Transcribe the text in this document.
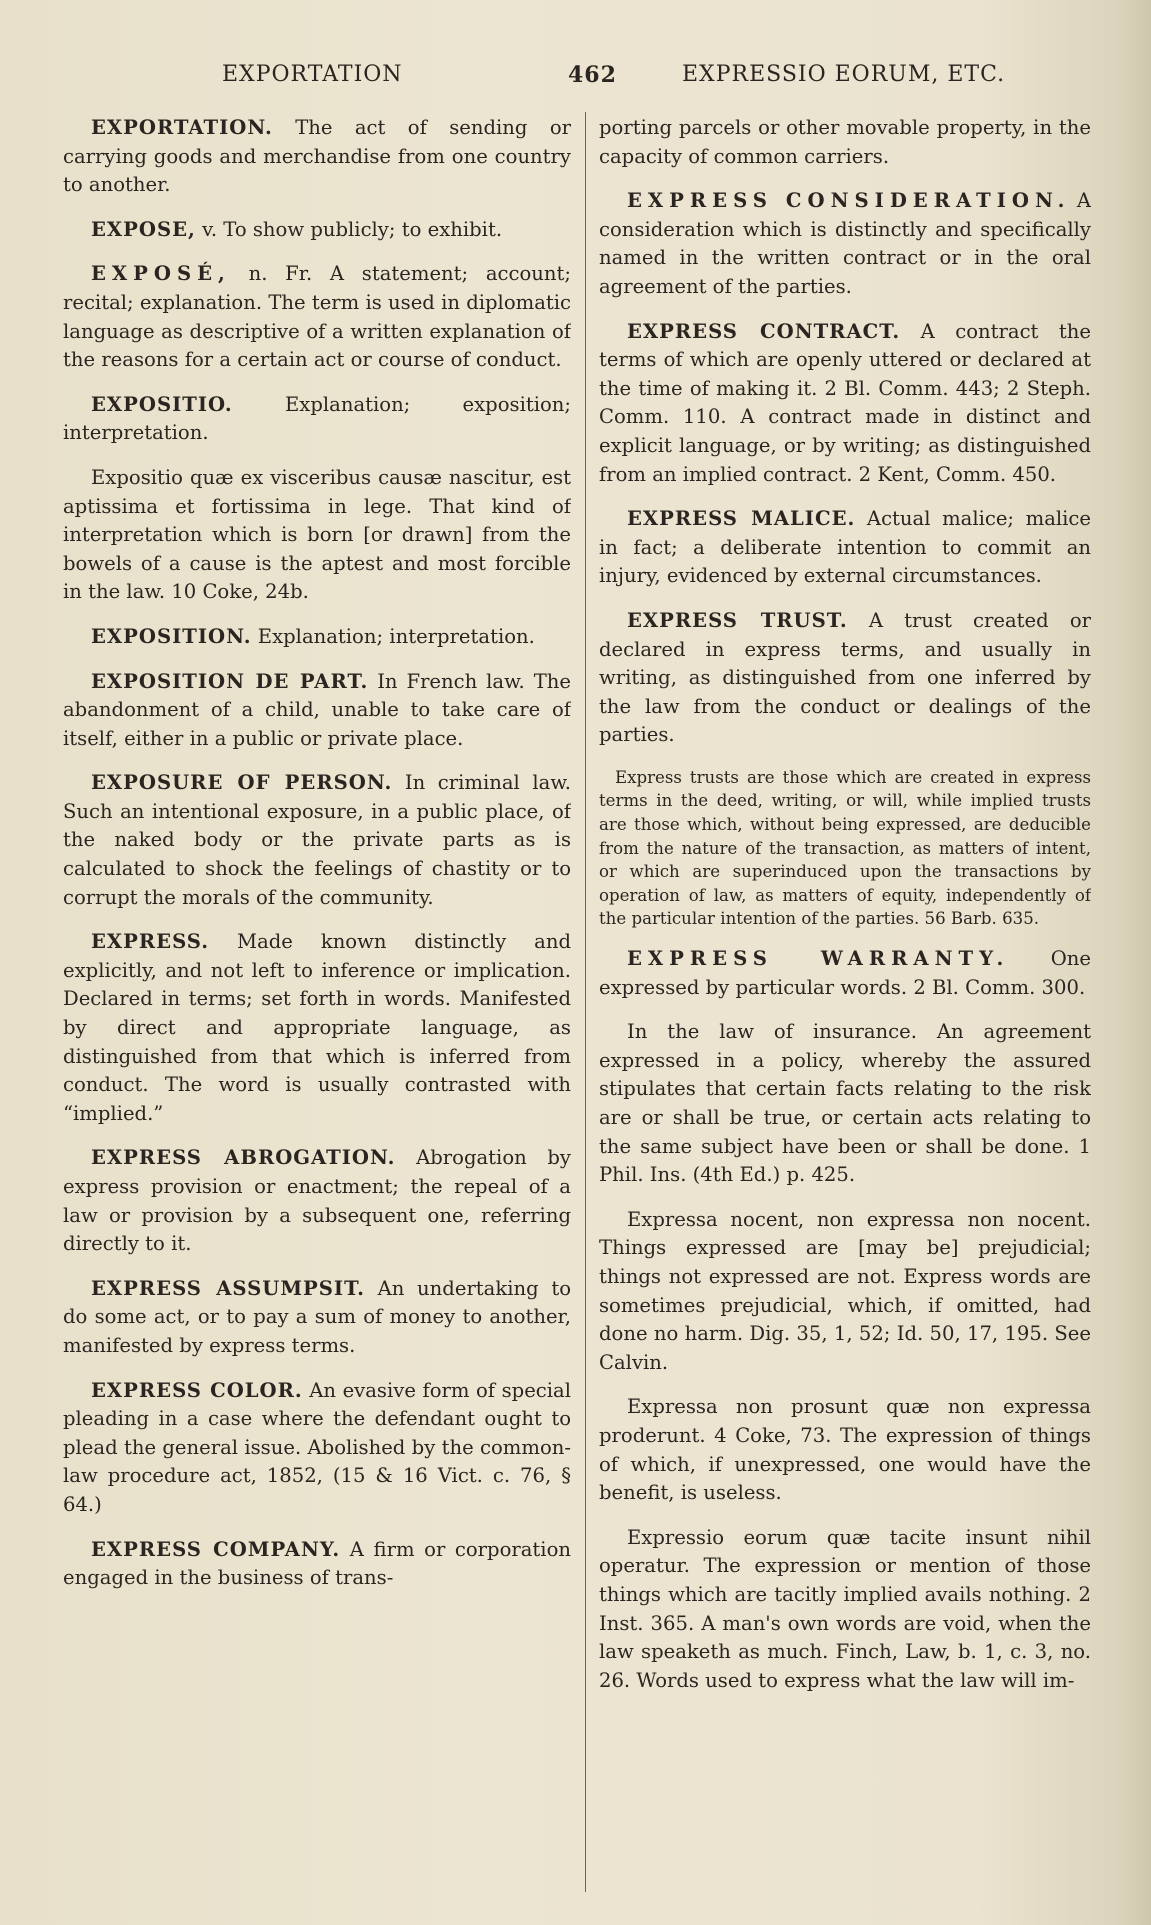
EXPORTATION	462	EXPRESSIO EORUM, ETC.

EXPORTATION. The act of sending or carrying goods and merchandise from one country to another.

EXPOSE, v. To show publicly; to exhibit.

EXPOSÉ, n. Fr. A statement; account; recital; explanation. The term is used in diplomatic language as descriptive of a written explanation of the reasons for a certain act or course of conduct.

EXPOSITIO. Explanation; exposition; interpretation.

Expositio quæ ex visceribus causæ nascitur, est aptissima et fortissima in lege. That kind of interpretation which is born [or drawn] from the bowels of a cause is the aptest and most forcible in the law. 10 Coke, 24b.

EXPOSITION. Explanation; interpretation.

EXPOSITION DE PART. In French law. The abandonment of a child, unable to take care of itself, either in a public or private place.

EXPOSURE OF PERSON. In criminal law. Such an intentional exposure, in a public place, of the naked body or the private parts as is calculated to shock the feelings of chastity or to corrupt the morals of the community.

EXPRESS. Made known distinctly and explicitly, and not left to inference or implication. Declared in terms; set forth in words. Manifested by direct and appropriate language, as distinguished from that which is inferred from conduct. The word is usually contrasted with “implied.”

EXPRESS ABROGATION. Abrogation by express provision or enactment; the repeal of a law or provision by a subsequent one, referring directly to it.

EXPRESS ASSUMPSIT. An undertaking to do some act, or to pay a sum of money to another, manifested by express terms.

EXPRESS COLOR. An evasive form of special pleading in a case where the defendant ought to plead the general issue. Abolished by the common-law procedure act, 1852, (15 & 16 Vict. c. 76, § 64.)

EXPRESS COMPANY. A firm or corporation engaged in the business of trans-

porting parcels or other movable property, in the capacity of common carriers.

EXPRESS CONSIDERATION. A consideration which is distinctly and specifically named in the written contract or in the oral agreement of the parties.

EXPRESS CONTRACT. A contract the terms of which are openly uttered or declared at the time of making it. 2 Bl. Comm. 443; 2 Steph. Comm. 110. A contract made in distinct and explicit language, or by writing; as distinguished from an implied contract. 2 Kent, Comm. 450.

EXPRESS MALICE. Actual malice; malice in fact; a deliberate intention to commit an injury, evidenced by external circumstances.

EXPRESS TRUST. A trust created or declared in express terms, and usually in writing, as distinguished from one inferred by the law from the conduct or dealings of the parties.

Express trusts are those which are created in express terms in the deed, writing, or will, while implied trusts are those which, without being expressed, are deducible from the nature of the transaction, as matters of intent, or which are superinduced upon the transactions by operation of law, as matters of equity, independently of the particular intention of the parties. 56 Barb. 635.

EXPRESS WARRANTY. One expressed by particular words. 2 Bl. Comm. 300.

In the law of insurance. An agreement expressed in a policy, whereby the assured stipulates that certain facts relating to the risk are or shall be true, or certain acts relating to the same subject have been or shall be done. 1 Phil. Ins. (4th Ed.) p. 425.

Expressa nocent, non expressa non nocent. Things expressed are [may be] prejudicial; things not expressed are not. Express words are sometimes prejudicial, which, if omitted, had done no harm. Dig. 35, 1, 52; Id. 50, 17, 195. See Calvin.

Expressa non prosunt quæ non expressa proderunt. 4 Coke, 73. The expression of things of which, if unexpressed, one would have the benefit, is useless.

Expressio eorum quæ tacite insunt nihil operatur. The expression or mention of those things which are tacitly implied avails nothing. 2 Inst. 365. A man's own words are void, when the law speaketh as much. Finch, Law, b. 1, c. 3, no. 26. Words used to express what the law will im-
